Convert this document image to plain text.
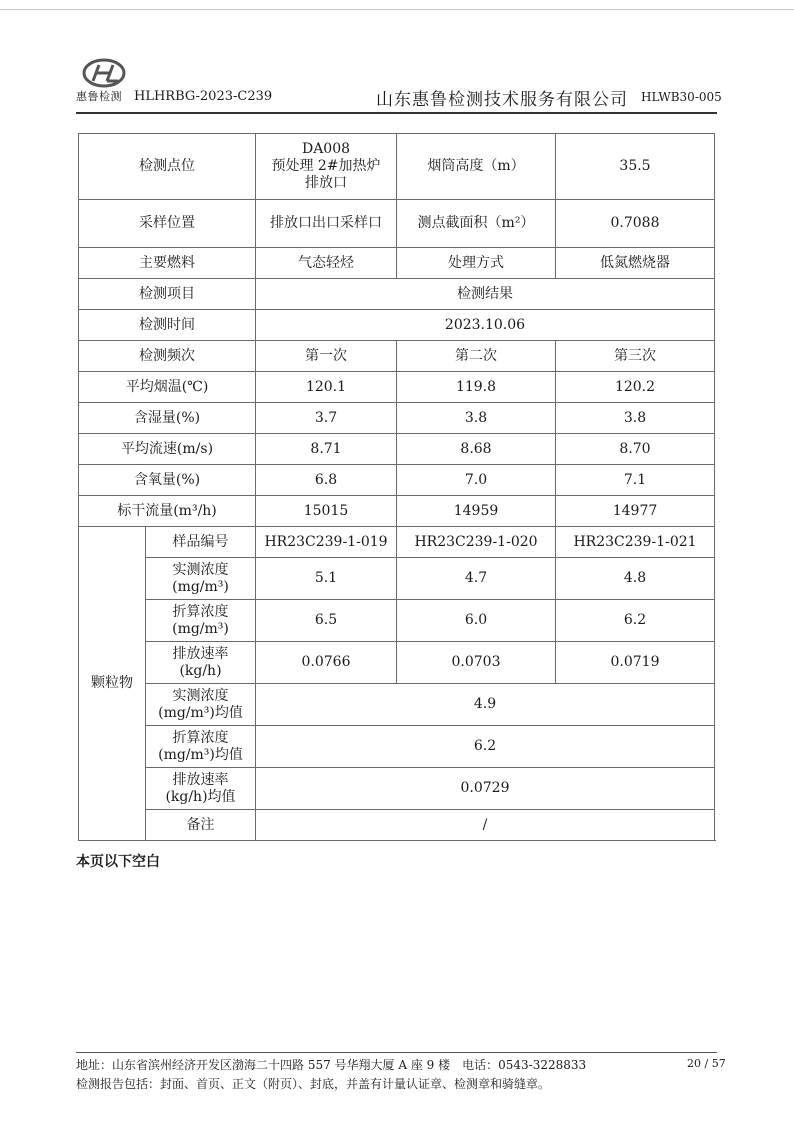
惠鲁检测 HLHRBG-2023-C239	山东惠鲁检测技术服务有限公司 HLWB30-005
检测点位		DA008
预处理 2#加热炉
排放口	烟筒高度（m）	35.5
采样位置		排放口出口采样口	测点截面积（m²）	0.7088
主要燃料		气态轻烃	处理方式	低氮燃烧器
检测项目		检测结果		
检测时间		2023.10.06		
检测频次		第一次	第二次	第三次
平均烟温(℃)		120.1	119.8	120.2
含湿量(%)		3.7	3.8	3.8
平均流速(m/s)		8.71	8.68	8.70
含氧量(%)		6.8	7.0	7.1
标干流量(m³/h)		15015	14959	14977
颗粒物	样品编号	HR23C239-1-019	HR23C239-1-020	HR23C239-1-021

	实测浓度
(mg/m³)	5.1	4.7	4.8

	折算浓度
(mg/m³)	6.5	6.0	6.2

	排放速率
(kg/h)	0.0766	0.0703	0.0719

	实测浓度
(mg/m³)均值	4.9		

	折算浓度
(mg/m³)均值	6.2		

	排放速率
(kg/h)均值	0.0729		
	备注	/		
本页以下空白
地址：山东省滨州经济开发区渤海二十四路 557 号华翔大厦 A 座 9 楼　电话：0543-3228833	20 / 57
检测报告包括：封面、首页、正文（附页）、封底，并盖有计量认证章、检测章和骑缝章。
